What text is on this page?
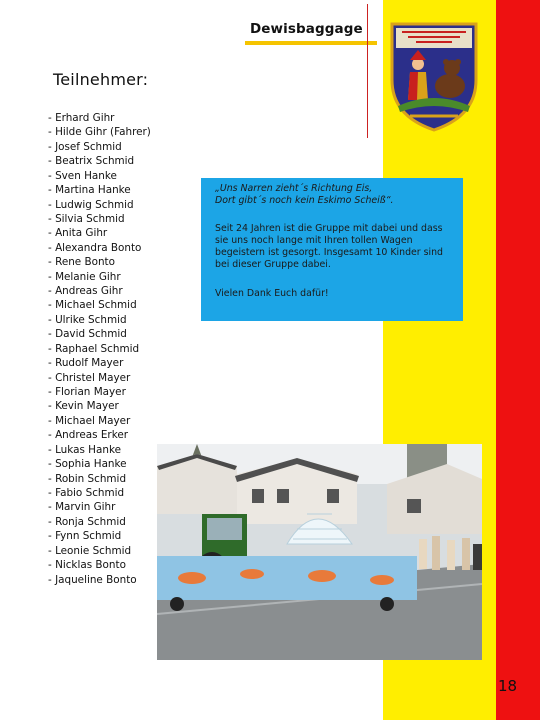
Dewisbaggage
Teilnehmer:
- Erhard Gihr
- Hilde Gihr (Fahrer)
- Josef Schmid
- Beatrix Schmid
- Sven Hanke
- Martina Hanke
- Ludwig Schmid
- Silvia Schmid
- Anita Gihr
- Alexandra Bonto
- Rene Bonto
- Melanie Gihr
- Andreas Gihr
- Michael Schmid
- Ulrike Schmid
- David Schmid
- Raphael Schmid
- Rudolf Mayer
- Christel Mayer
- Florian Mayer
- Kevin Mayer
- Michael Mayer
- Andreas Erker
- Lukas Hanke
- Sophia Hanke
- Robin Schmid
- Fabio Schmid
- Marvin Gihr
- Ronja Schmid
- Fynn Schmid
- Leonie Schmid
- Nicklas Bonto
- Jaqueline Bonto
„Uns Narren zieht´s Richtung Eis,
Dort gibt´s noch kein Eskimo Scheiß“.

Seit 24 Jahren ist die Gruppe mit dabei und dass sie uns noch lange mit Ihren tollen Wagen begeistern ist gesorgt. Insgesamt 10 Kinder sind bei dieser Gruppe dabei.

Vielen Dank Euch dafür!

18
